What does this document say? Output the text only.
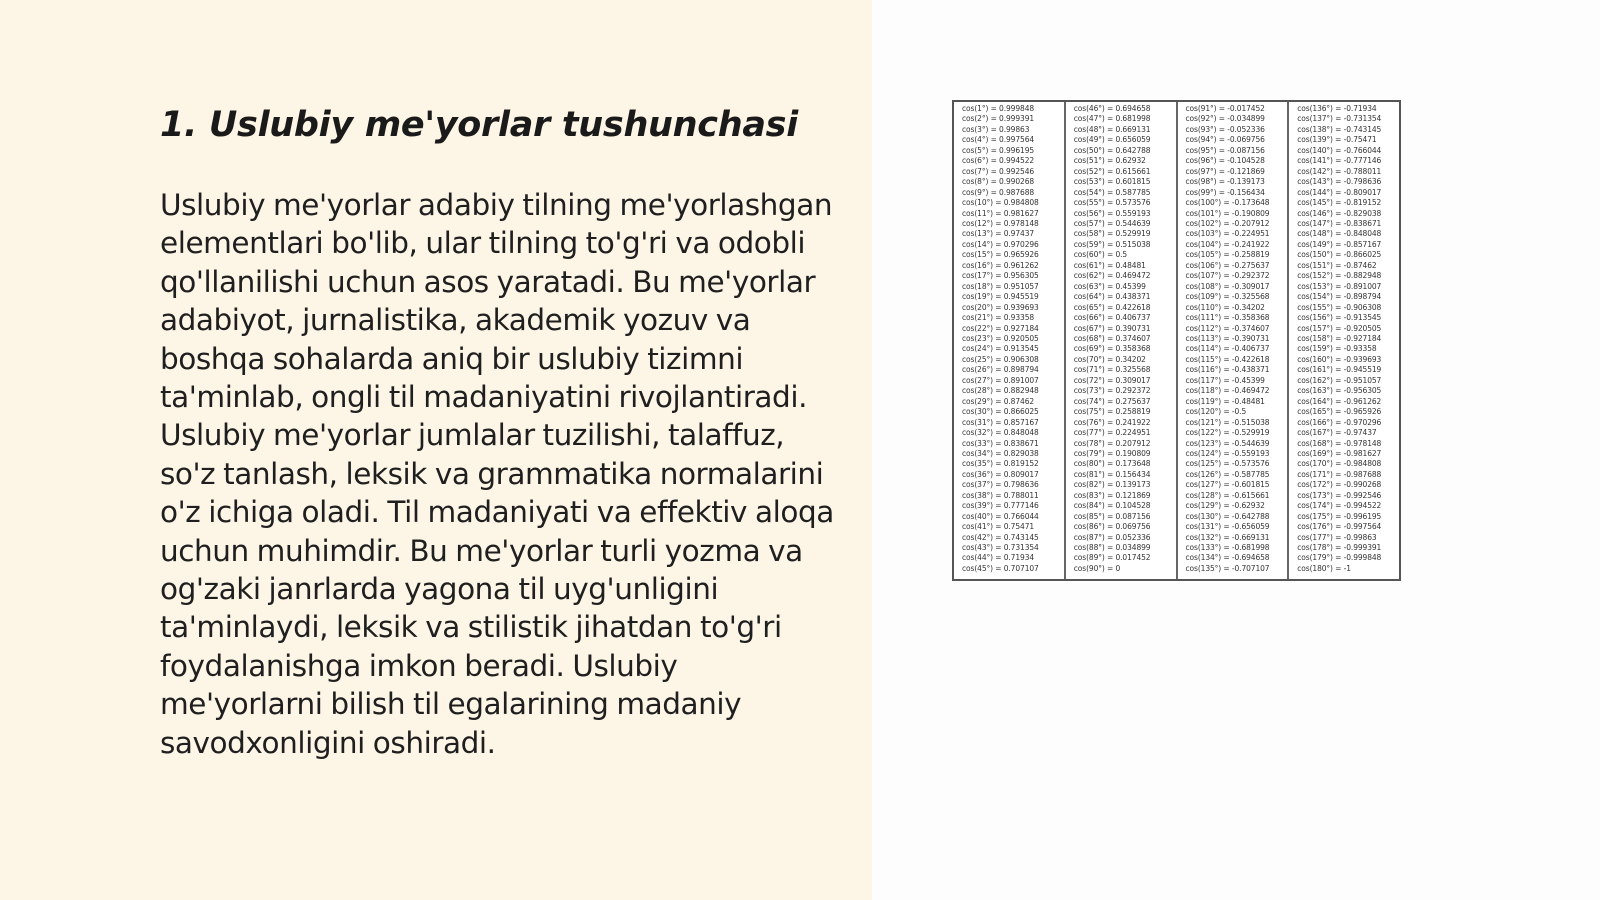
1. Uslubiy me'yorlar tushunchasi

Uslubiy me'yorlar adabiy tilning me'yorlashgan elementlari bo'lib, ular tilning to'g'ri va odobli qo'llanilishi uchun asos yaratadi. Bu me'yorlar adabiyot, jurnalistika, akademik yozuv va boshqa sohalarda aniq bir uslubiy tizimni ta'minlab, ongli til madaniyatini rivojlantiradi. Uslubiy me'yorlar jumlalar tuzilishi, talaffuz, so'z tanlash, leksik va grammatika normalarini o'z ichiga oladi. Til madaniyati va effektiv aloqa uchun muhimdir. Bu me'yorlar turli yozma va og'zaki janrlarda yagona til uyg'unligini ta'minlaydi, leksik va stilistik jihatdan to'g'ri foydalanishga imkon beradi. Uslubiy me'yorlarni bilish til egalarining madaniy savodxonligini oshiradi.

cos(1°) = 0.999848
cos(2°) = 0.999391
cos(3°) = 0.99863
cos(4°) = 0.997564
cos(5°) = 0.996195
cos(6°) = 0.994522
cos(7°) = 0.992546
cos(8°) = 0.990268
cos(9°) = 0.987688
cos(10°) = 0.984808
cos(11°) = 0.981627
cos(12°) = 0.978148
cos(13°) = 0.97437
cos(14°) = 0.970296
cos(15°) = 0.965926
cos(16°) = 0.961262
cos(17°) = 0.956305
cos(18°) = 0.951057
cos(19°) = 0.945519
cos(20°) = 0.939693
cos(21°) = 0.93358
cos(22°) = 0.927184
cos(23°) = 0.920505
cos(24°) = 0.913545
cos(25°) = 0.906308
cos(26°) = 0.898794
cos(27°) = 0.891007
cos(28°) = 0.882948
cos(29°) = 0.87462
cos(30°) = 0.866025
cos(31°) = 0.857167
cos(32°) = 0.848048
cos(33°) = 0.838671
cos(34°) = 0.829038
cos(35°) = 0.819152
cos(36°) = 0.809017
cos(37°) = 0.798636
cos(38°) = 0.788011
cos(39°) = 0.777146
cos(40°) = 0.766044
cos(41°) = 0.75471
cos(42°) = 0.743145
cos(43°) = 0.731354
cos(44°) = 0.71934
cos(45°) = 0.707107
cos(46°) = 0.694658
cos(47°) = 0.681998
cos(48°) = 0.669131
cos(49°) = 0.656059
cos(50°) = 0.642788
cos(51°) = 0.62932
cos(52°) = 0.615661
cos(53°) = 0.601815
cos(54°) = 0.587785
cos(55°) = 0.573576
cos(56°) = 0.559193
cos(57°) = 0.544639
cos(58°) = 0.529919
cos(59°) = 0.515038
cos(60°) = 0.5
cos(61°) = 0.48481
cos(62°) = 0.469472
cos(63°) = 0.45399
cos(64°) = 0.438371
cos(65°) = 0.422618
cos(66°) = 0.406737
cos(67°) = 0.390731
cos(68°) = 0.374607
cos(69°) = 0.358368
cos(70°) = 0.34202
cos(71°) = 0.325568
cos(72°) = 0.309017
cos(73°) = 0.292372
cos(74°) = 0.275637
cos(75°) = 0.258819
cos(76°) = 0.241922
cos(77°) = 0.224951
cos(78°) = 0.207912
cos(79°) = 0.190809
cos(80°) = 0.173648
cos(81°) = 0.156434
cos(82°) = 0.139173
cos(83°) = 0.121869
cos(84°) = 0.104528
cos(85°) = 0.087156
cos(86°) = 0.069756
cos(87°) = 0.052336
cos(88°) = 0.034899
cos(89°) = 0.017452
cos(90°) = 0
cos(91°) = -0.017452
cos(92°) = -0.034899
cos(93°) = -0.052336
cos(94°) = -0.069756
cos(95°) = -0.087156
cos(96°) = -0.104528
cos(97°) = -0.121869
cos(98°) = -0.139173
cos(99°) = -0.156434
cos(100°) = -0.173648
cos(101°) = -0.190809
cos(102°) = -0.207912
cos(103°) = -0.224951
cos(104°) = -0.241922
cos(105°) = -0.258819
cos(106°) = -0.275637
cos(107°) = -0.292372
cos(108°) = -0.309017
cos(109°) = -0.325568
cos(110°) = -0.34202
cos(111°) = -0.358368
cos(112°) = -0.374607
cos(113°) = -0.390731
cos(114°) = -0.406737
cos(115°) = -0.422618
cos(116°) = -0.438371
cos(117°) = -0.45399
cos(118°) = -0.469472
cos(119°) = -0.48481
cos(120°) = -0.5
cos(121°) = -0.515038
cos(122°) = -0.529919
cos(123°) = -0.544639
cos(124°) = -0.559193
cos(125°) = -0.573576
cos(126°) = -0.587785
cos(127°) = -0.601815
cos(128°) = -0.615661
cos(129°) = -0.62932
cos(130°) = -0.642788
cos(131°) = -0.656059
cos(132°) = -0.669131
cos(133°) = -0.681998
cos(134°) = -0.694658
cos(135°) = -0.707107
cos(136°) = -0.71934
cos(137°) = -0.731354
cos(138°) = -0.743145
cos(139°) = -0.75471
cos(140°) = -0.766044
cos(141°) = -0.777146
cos(142°) = -0.788011
cos(143°) = -0.798636
cos(144°) = -0.809017
cos(145°) = -0.819152
cos(146°) = -0.829038
cos(147°) = -0.838671
cos(148°) = -0.848048
cos(149°) = -0.857167
cos(150°) = -0.866025
cos(151°) = -0.87462
cos(152°) = -0.882948
cos(153°) = -0.891007
cos(154°) = -0.898794
cos(155°) = -0.906308
cos(156°) = -0.913545
cos(157°) = -0.920505
cos(158°) = -0.927184
cos(159°) = -0.93358
cos(160°) = -0.939693
cos(161°) = -0.945519
cos(162°) = -0.951057
cos(163°) = -0.956305
cos(164°) = -0.961262
cos(165°) = -0.965926
cos(166°) = -0.970296
cos(167°) = -0.97437
cos(168°) = -0.978148
cos(169°) = -0.981627
cos(170°) = -0.984808
cos(171°) = -0.987688
cos(172°) = -0.990268
cos(173°) = -0.992546
cos(174°) = -0.994522
cos(175°) = -0.996195
cos(176°) = -0.997564
cos(177°) = -0.99863
cos(178°) = -0.999391
cos(179°) = -0.999848
cos(180°) = -1
